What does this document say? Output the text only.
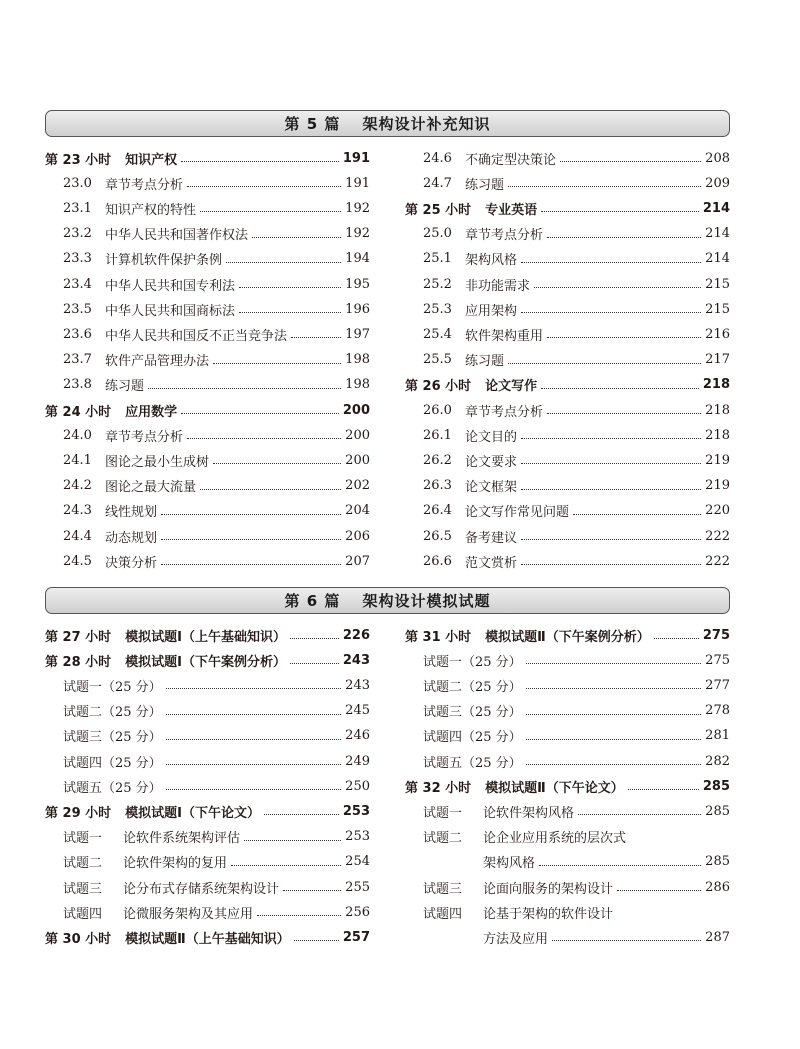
第 5 篇 架构设计补充知识
第 23 小时 知识产权	191
23.0	章节考点分析	191
23.1	知识产权的特性	192
23.2	中华人民共和国著作权法	192
23.3	计算机软件保护条例	194
23.4	中华人民共和国专利法	195
23.5	中华人民共和国商标法	196
23.6	中华人民共和国反不正当竞争法	197
23.7	软件产品管理办法	198
23.8	练习题	198
第 24 小时 应用数学	200
24.0	章节考点分析	200
24.1	图论之最小生成树	200
24.2	图论之最大流量	202
24.3	线性规划	204
24.4	动态规划	206
24.5	决策分析	207
24.6	不确定型决策论	208
24.7	练习题	209
第 25 小时 专业英语	214
25.0	章节考点分析	214
25.1	架构风格	214
25.2	非功能需求	215
25.3	应用架构	215
25.4	软件架构重用	216
25.5	练习题	217
第 26 小时 论文写作	218
26.0	章节考点分析	218
26.1	论文目的	218
26.2	论文要求	219
26.3	论文框架	219
26.4	论文写作常见问题	220
26.5	备考建议	222
26.6	范文赏析	222
第 6 篇 架构设计模拟试题
第 27 小时 模拟试题Ⅰ（上午基础知识）	226
第 28 小时 模拟试题Ⅰ（下午案例分析）	243
试题一（25 分）	243
试题二（25 分）	245
试题三（25 分）	246
试题四（25 分）	249
试题五（25 分）	250
第 29 小时 模拟试题Ⅰ（下午论文）	253
试题一	论软件系统架构评估	253
试题二	论软件架构的复用	254
试题三	论分布式存储系统架构设计	255
试题四	论微服务架构及其应用	256
第 30 小时 模拟试题Ⅱ（上午基础知识）	257
第 31 小时 模拟试题Ⅱ（下午案例分析）	275
试题一（25 分）	275
试题二（25 分）	277
试题三（25 分）	278
试题四（25 分）	281
试题五（25 分）	282
第 32 小时 模拟试题Ⅱ（下午论文）	285
试题一	论软件架构风格	285
试题二	论企业应用系统的层次式
架构风格	285
试题三	论面向服务的架构设计	286
试题四	论基于架构的软件设计
方法及应用	287
